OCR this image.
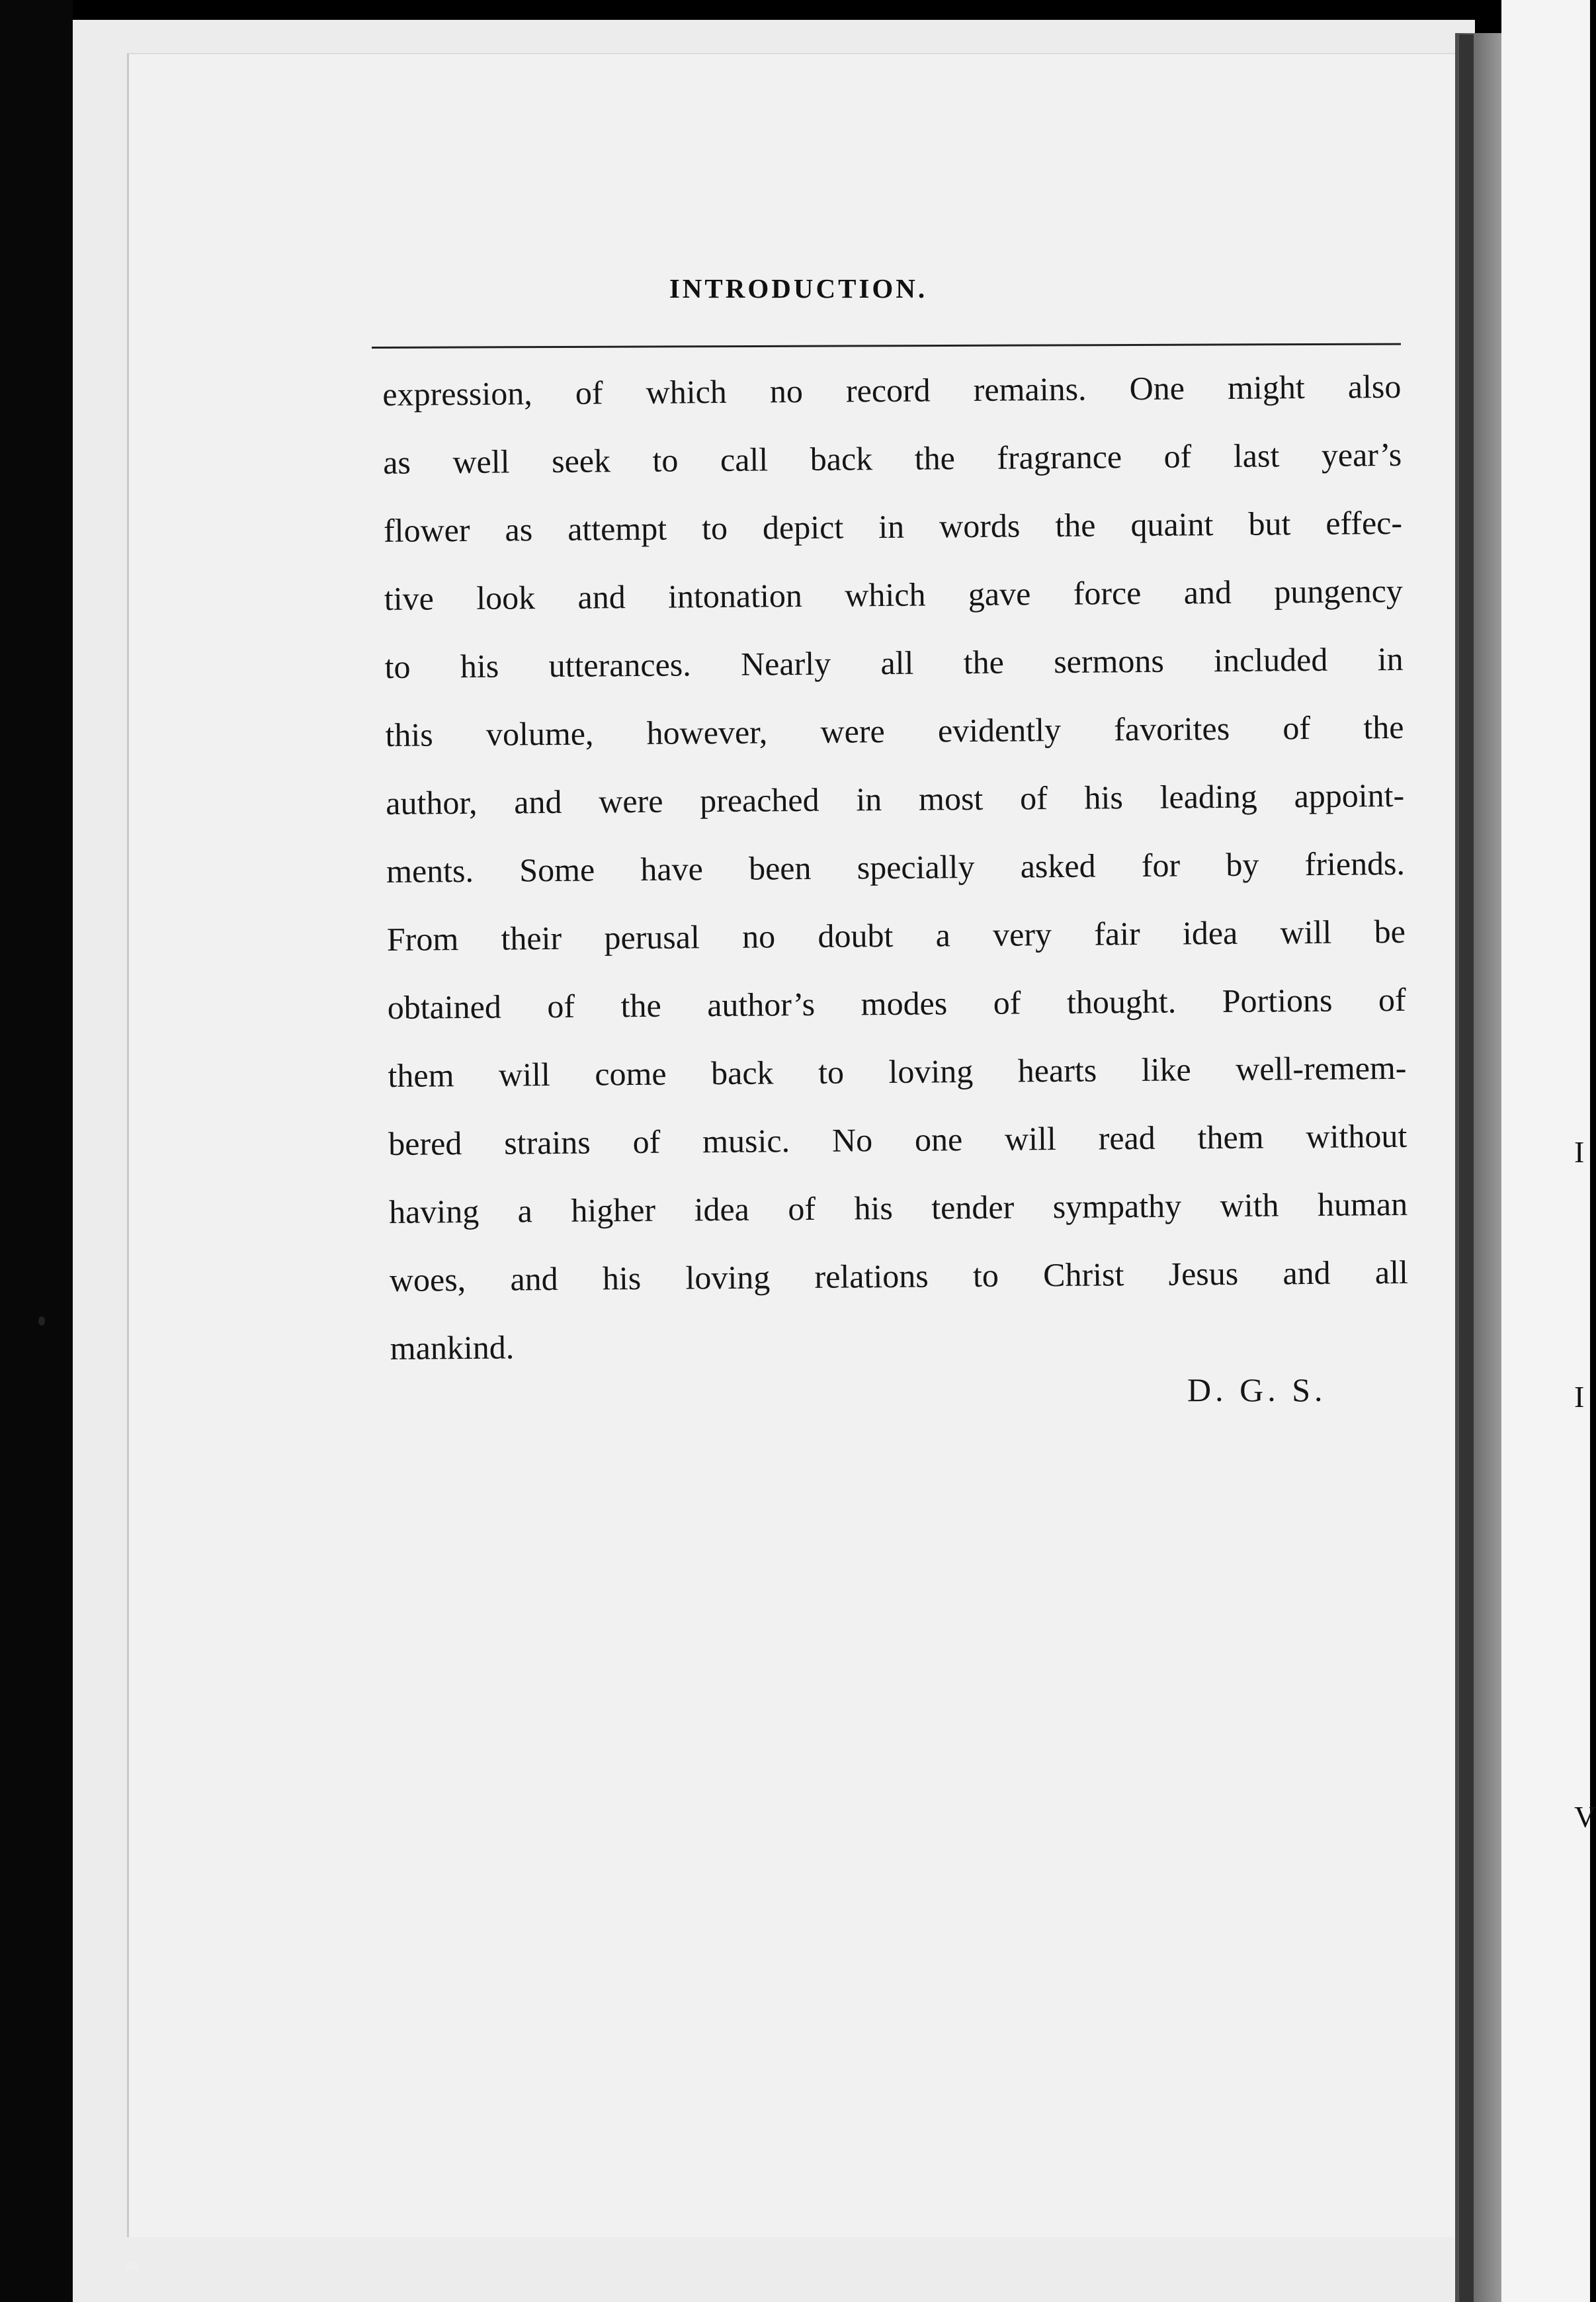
I
I
V
INTRODUCTION.
expression, of which no record remains. One might also
as well seek to call back the fragrance of last year’s
flower as attempt to depict in words the quaint but effec-
tive look and intonation which gave force and pungency
to his utterances. Nearly all the sermons included in
this volume, however, were evidently favorites of the
author, and were preached in most of his leading appoint-
ments. Some have been specially asked for by friends.
From their perusal no doubt a very fair idea will be
obtained of the author’s modes of thought. Portions of
them will come back to loving hearts like well-remem-
bered strains of music. No one will read them without
having a higher idea of his tender sympathy with human
woes, and his loving relations to Christ Jesus and all
mankind.
D. G. S.
